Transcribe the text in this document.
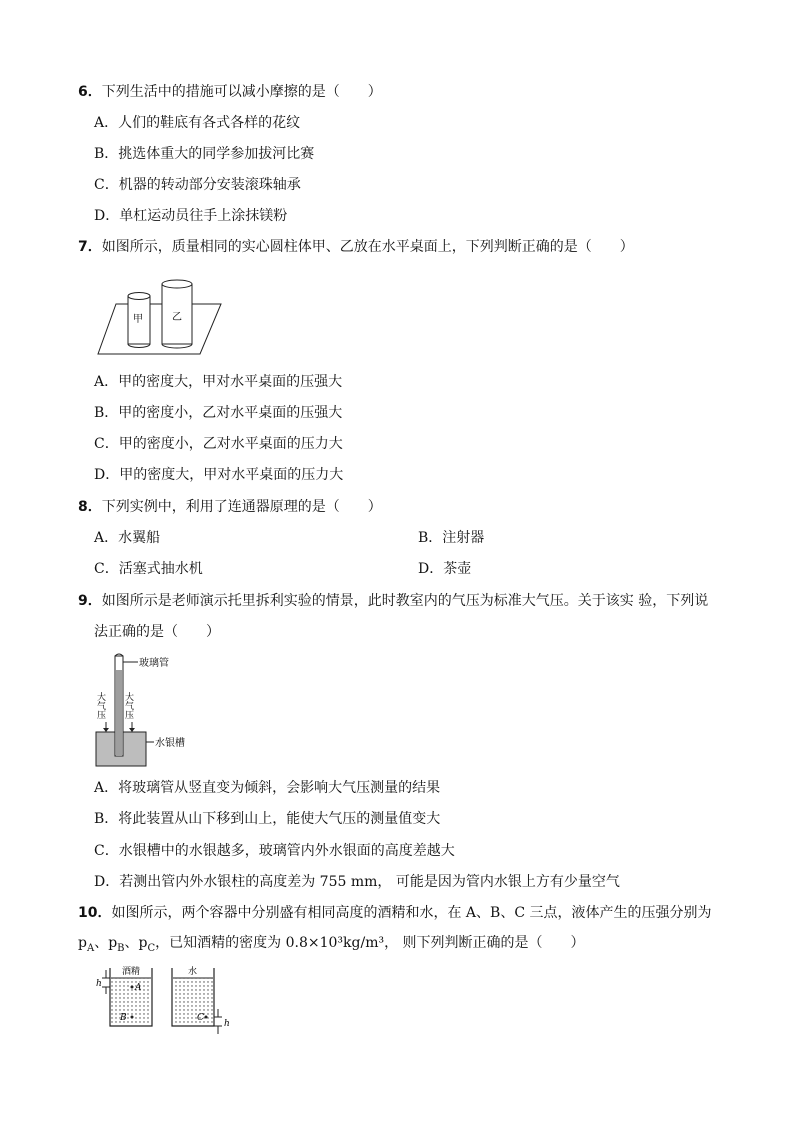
6．下列生活中的措施可以减小摩擦的是（　　）
A．人们的鞋底有各式各样的花纹
B．挑选体重大的同学参加拔河比赛
C．机器的转动部分安装滚珠轴承
D．单杠运动员往手上涂抹镁粉
7．如图所示，质量相同的实心圆柱体甲、乙放在水平桌面上，下列判断正确的是（　　）
甲	乙
A．甲的密度大，甲对水平桌面的压强大
B．甲的密度小，乙对水平桌面的压强大
C．甲的密度小，乙对水平桌面的压力大
D．甲的密度大，甲对水平桌面的压力大
8．下列实例中，利用了连通器原理的是（　　）
A．水翼船	B．注射器
C．活塞式抽水机	D．茶壶
9．如图所示是老师演示托里拆利实验的情景，此时教室内的气压为标准大气压。关于该实 验，下列说
法正确的是（　　）
玻璃管
水银槽
大气压 大气压
A．将玻璃管从竖直变为倾斜，会影响大气压测量的结果
B．将此装置从山下移到山上，能使大气压的测量值变大
C．水银槽中的水银越多，玻璃管内外水银面的高度差越大
D．若测出管内外水银柱的高度差为 755 mm， 可能是因为管内水银上方有少量空气
10．如图所示，两个容器中分别盛有相同高度的酒精和水，在 A、B、C 三点，液体产生的压强分别为
$p_A$、$p_B$、$p_C$，已知酒精的密度为 0.8×10³kg/m³， 则下列判断正确的是（　　）
酒精
A
B
h
水
C
h
